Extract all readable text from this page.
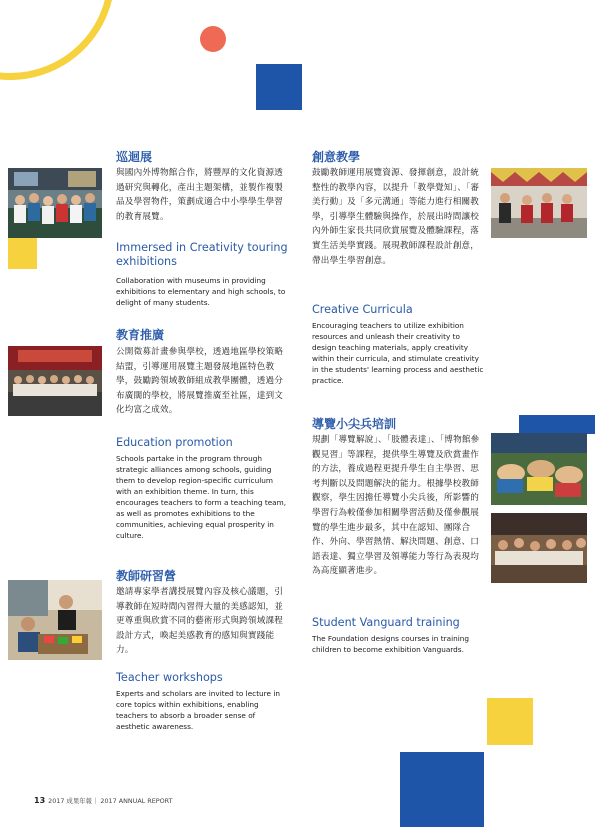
巡迴展
與國內外博物館合作，將豐厚的文化資源透過研究與轉化，產出主題架構，並製作複製品及學習物件，策劃成適合中小學學生學習的教育展覽。
Immersed in Creativity touring exhibitions
Collaboration with museums in providing exhibitions to elementary and high schools, to delight of many students.
教育推廣
公開徵募計畫參與學校，透過地區學校策略結盟，引導運用展覽主題發展地區特色教學，鼓勵跨領域教師組成教學團體，透過分布廣闊的學校，將展覽推廣至社區，達到文化均富之成效。
Education promotion
Schools partake in the program through strategic alliances among schools, guiding them to develop region-specific curriculum with an exhibition theme. In turn, this encourages teachers to form a teaching team, as well as promotes exhibitions to the communities, achieving equal prosperity in culture.
教師研習營
邀請專家學者講授展覽內容及核心議題，引導教師在短時間內習得大量的美感認知，並更尊重與欣賞不同的藝術形式與跨領域課程設計方式，喚起美感教育的感知與實踐能力。
Teacher workshops
Experts and scholars are invited to lecture in core topics within exhibitions, enabling teachers to absorb a broader sense of aesthetic awareness.
創意教學
鼓勵教師運用展覽資源、發揮創意，設計統整性的教學內容，以提升「教學覺知」、「審美行動」及「多元溝通」等能力進行相關教學，引導學生體驗與操作，於展出時間讓校內外師生家長共同欣賞展覽及體驗課程，落實生活美學實踐。展現教師課程設計創意，帶出學生學習創意。
Creative Curricula
Encouraging teachers to utilize exhibition resources and unleash their creativity to design teaching materials, apply creativity within their curricula, and stimulate creativity in the students' learning process and aesthetic practice.
導覽小尖兵培訓
規劃「導覽解說」、「肢體表達」、「博物館參觀見習」等課程，提供學生導覽及欣賞畫作的方法，養成過程更提升學生自主學習、思考判斷以及問題解決的能力。根據學校教師觀察，學生因擔任導覽小尖兵後，所影響的學習行為較僅參加相關學習活動及僅參觀展覽的學生進步最多，其中在認知、團隊合作、外向、學習熱情、解決問題、創意、口語表達、獨立學習及領導能力等行為表現均為高度顯著進步。
Student Vanguard training
The Foundation designs courses in training children to become exhibition Vanguards.
13 2017 成果年報｜ 2017 ANNUAL REPORT
